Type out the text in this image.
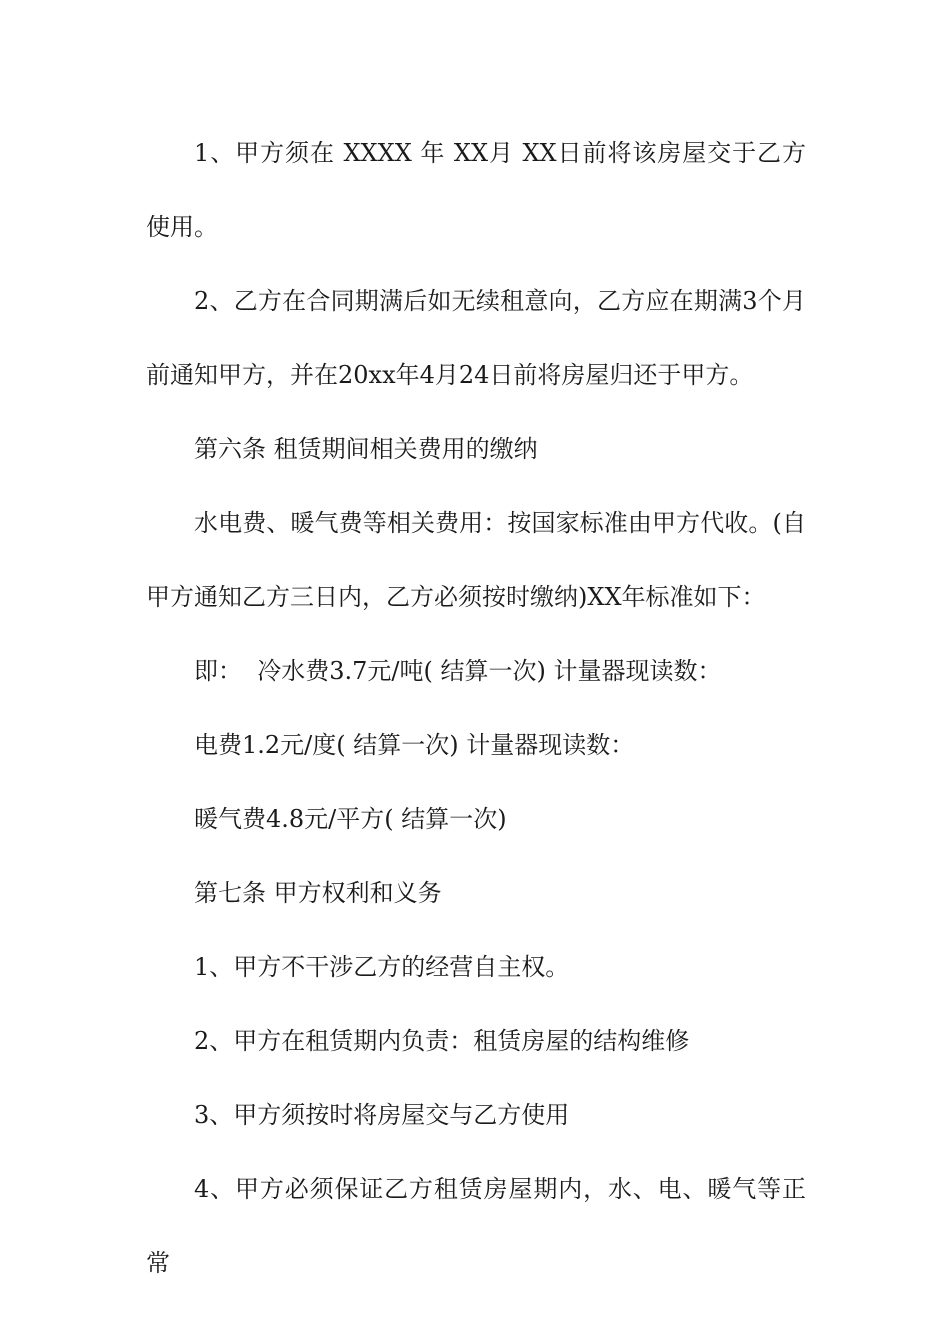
1、甲方须在 XXXX 年 XX月 XX日前将该房屋交于乙方使用。

2、乙方在合同期满后如无续租意向，乙方应在期满3个月前通知甲方，并在20xx年4月24日前将房屋归还于甲方。

第六条 租赁期间相关费用的缴纳

水电费、暖气费等相关费用：按国家标准由甲方代收。(自甲方通知乙方三日内，乙方必须按时缴纳)XX年标准如下：

即：  冷水费3.7元/吨( 结算一次) 计量器现读数：

电费1.2元/度( 结算一次) 计量器现读数：

暖气费4.8元/平方( 结算一次)

第七条 甲方权利和义务

1、甲方不干涉乙方的经营自主权。

2、甲方在租赁期内负责：租赁房屋的结构维修

3、甲方须按时将房屋交与乙方使用

4、甲方必须保证乙方租赁房屋期内，水、电、暖气等正常
